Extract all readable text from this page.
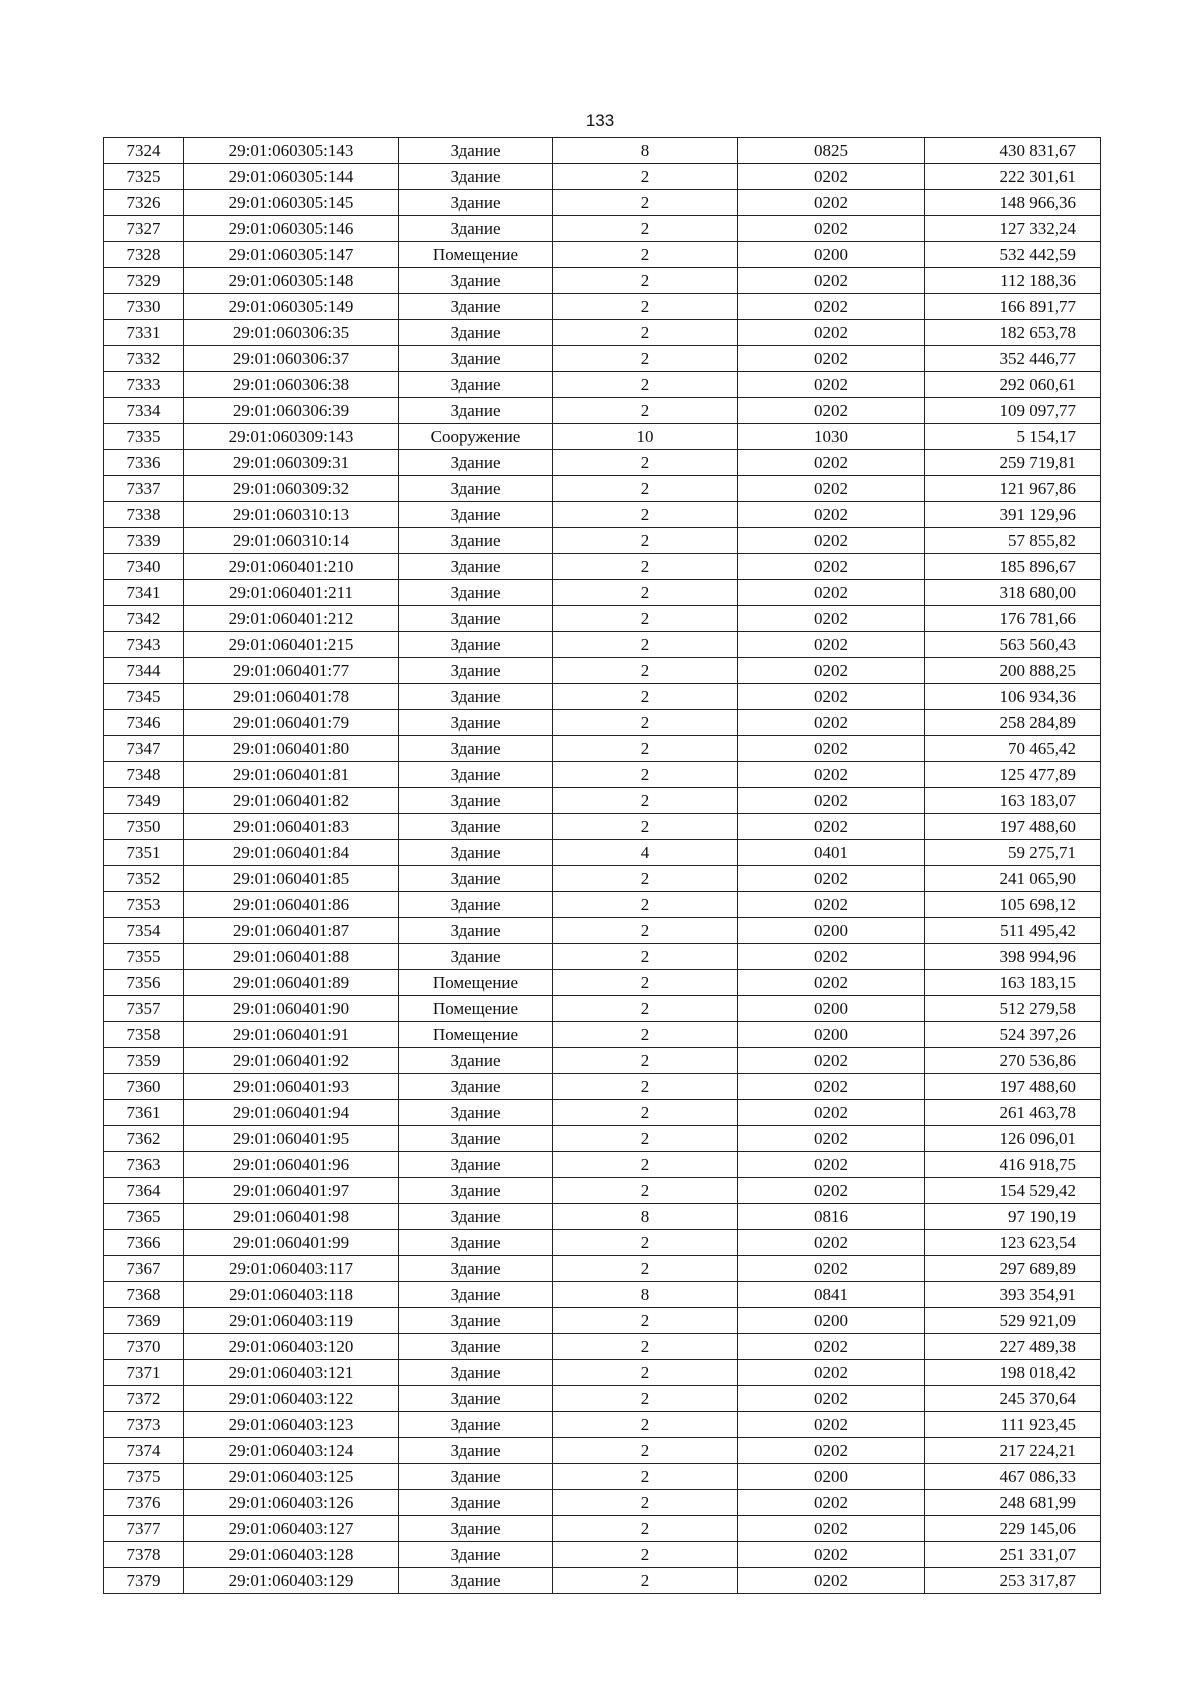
133
7324	29:01:060305:143	Здание	8	0825	430 831,67
7325	29:01:060305:144	Здание	2	0202	222 301,61
7326	29:01:060305:145	Здание	2	0202	148 966,36
7327	29:01:060305:146	Здание	2	0202	127 332,24
7328	29:01:060305:147	Помещение	2	0200	532 442,59
7329	29:01:060305:148	Здание	2	0202	112 188,36
7330	29:01:060305:149	Здание	2	0202	166 891,77
7331	29:01:060306:35	Здание	2	0202	182 653,78
7332	29:01:060306:37	Здание	2	0202	352 446,77
7333	29:01:060306:38	Здание	2	0202	292 060,61
7334	29:01:060306:39	Здание	2	0202	109 097,77
7335	29:01:060309:143	Сооружение	10	1030	5 154,17
7336	29:01:060309:31	Здание	2	0202	259 719,81
7337	29:01:060309:32	Здание	2	0202	121 967,86
7338	29:01:060310:13	Здание	2	0202	391 129,96
7339	29:01:060310:14	Здание	2	0202	57 855,82
7340	29:01:060401:210	Здание	2	0202	185 896,67
7341	29:01:060401:211	Здание	2	0202	318 680,00
7342	29:01:060401:212	Здание	2	0202	176 781,66
7343	29:01:060401:215	Здание	2	0202	563 560,43
7344	29:01:060401:77	Здание	2	0202	200 888,25
7345	29:01:060401:78	Здание	2	0202	106 934,36
7346	29:01:060401:79	Здание	2	0202	258 284,89
7347	29:01:060401:80	Здание	2	0202	70 465,42
7348	29:01:060401:81	Здание	2	0202	125 477,89
7349	29:01:060401:82	Здание	2	0202	163 183,07
7350	29:01:060401:83	Здание	2	0202	197 488,60
7351	29:01:060401:84	Здание	4	0401	59 275,71
7352	29:01:060401:85	Здание	2	0202	241 065,90
7353	29:01:060401:86	Здание	2	0202	105 698,12
7354	29:01:060401:87	Здание	2	0200	511 495,42
7355	29:01:060401:88	Здание	2	0202	398 994,96
7356	29:01:060401:89	Помещение	2	0202	163 183,15
7357	29:01:060401:90	Помещение	2	0200	512 279,58
7358	29:01:060401:91	Помещение	2	0200	524 397,26
7359	29:01:060401:92	Здание	2	0202	270 536,86
7360	29:01:060401:93	Здание	2	0202	197 488,60
7361	29:01:060401:94	Здание	2	0202	261 463,78
7362	29:01:060401:95	Здание	2	0202	126 096,01
7363	29:01:060401:96	Здание	2	0202	416 918,75
7364	29:01:060401:97	Здание	2	0202	154 529,42
7365	29:01:060401:98	Здание	8	0816	97 190,19
7366	29:01:060401:99	Здание	2	0202	123 623,54
7367	29:01:060403:117	Здание	2	0202	297 689,89
7368	29:01:060403:118	Здание	8	0841	393 354,91
7369	29:01:060403:119	Здание	2	0200	529 921,09
7370	29:01:060403:120	Здание	2	0202	227 489,38
7371	29:01:060403:121	Здание	2	0202	198 018,42
7372	29:01:060403:122	Здание	2	0202	245 370,64
7373	29:01:060403:123	Здание	2	0202	111 923,45
7374	29:01:060403:124	Здание	2	0202	217 224,21
7375	29:01:060403:125	Здание	2	0200	467 086,33
7376	29:01:060403:126	Здание	2	0202	248 681,99
7377	29:01:060403:127	Здание	2	0202	229 145,06
7378	29:01:060403:128	Здание	2	0202	251 331,07
7379	29:01:060403:129	Здание	2	0202	253 317,87
